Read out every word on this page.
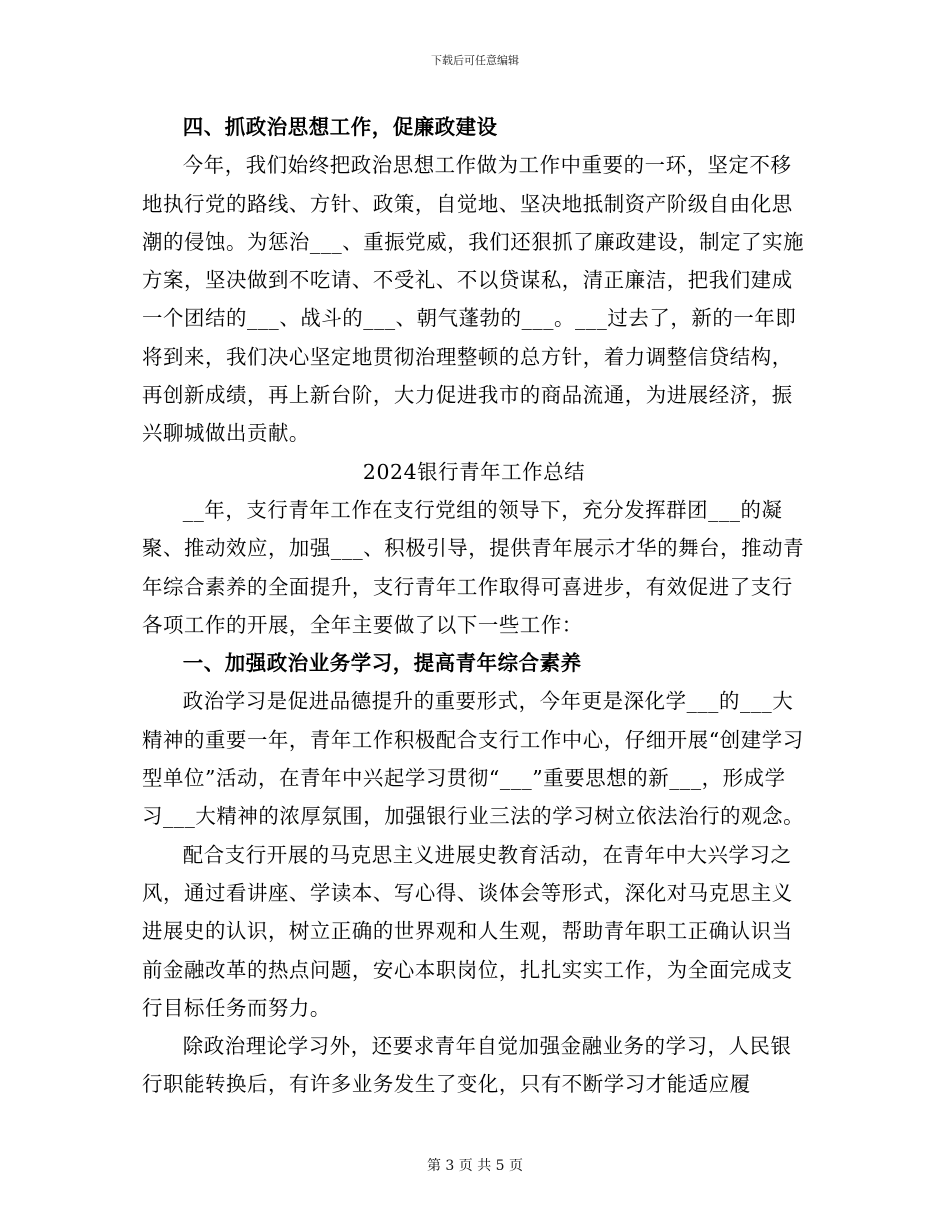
下载后可任意编辑

四、抓政治思想工作，促廉政建设

今年，我们始终把政治思想工作做为工作中重要的一环，坚定不移地执行党的路线、方针、政策，自觉地、坚决地抵制资产阶级自由化思潮的侵蚀。为惩治___、重振党威，我们还狠抓了廉政建设，制定了实施方案，坚决做到不吃请、不受礼、不以贷谋私，清正廉洁，把我们建成一个团结的___、战斗的___、朝气蓬勃的___。___过去了，新的一年即将到来，我们决心坚定地贯彻治理整顿的总方针，着力调整信贷结构，再创新成绩，再上新台阶，大力促进我市的商品流通，为进展经济，振兴聊城做出贡献。

2024银行青年工作总结

__年，支行青年工作在支行党组的领导下，充分发挥群团___的凝聚、推动效应，加强___、积极引导，提供青年展示才华的舞台，推动青年综合素养的全面提升，支行青年工作取得可喜进步，有效促进了支行各项工作的开展，全年主要做了以下一些工作：

一、加强政治业务学习，提高青年综合素养

政治学习是促进品德提升的重要形式，今年更是深化学___的___大精神的重要一年，青年工作积极配合支行工作中心，仔细开展“创建学习型单位”活动，在青年中兴起学习贯彻“___”重要思想的新___，形成学习___大精神的浓厚氛围，加强银行业三法的学习树立依法治行的观念。

配合支行开展的马克思主义进展史教育活动，在青年中大兴学习之风，通过看讲座、学读本、写心得、谈体会等形式，深化对马克思主义进展史的认识，树立正确的世界观和人生观，帮助青年职工正确认识当前金融改革的热点问题，安心本职岗位，扎扎实实工作，为全面完成支行目标任务而努力。

除政治理论学习外，还要求青年自觉加强金融业务的学习，人民银行职能转换后，有许多业务发生了变化，只有不断学习才能适应履

第 3 页 共 5 页
